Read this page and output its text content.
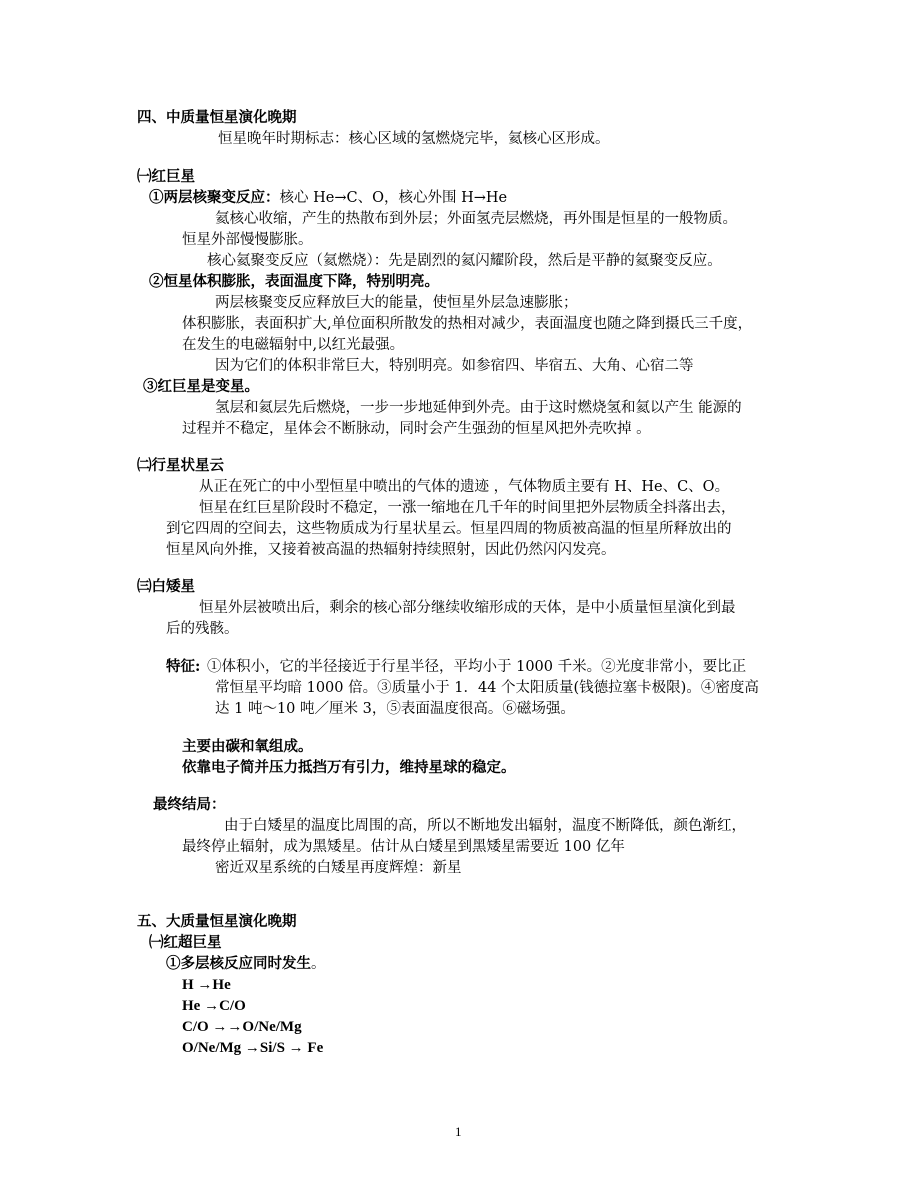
四、中质量恒星演化晚期
恒星晚年时期标志：核心区域的氢燃烧完毕，氦核心区形成。
㈠红巨星
①两层核聚变反应：核心 He→C、O，核心外围 H→He
氦核心收缩，产生的热散布到外层；外面氢壳层燃烧，再外围是恒星的一般物质。
恒星外部慢慢膨胀。
核心氦聚变反应（氦燃烧）：先是剧烈的氦闪耀阶段，然后是平静的氦聚变反应。
②恒星体积膨胀，表面温度下降，特别明亮。
两层核聚变反应释放巨大的能量，使恒星外层急速膨胀；
体积膨胀，表面积扩大,单位面积所散发的热相对减少，表面温度也随之降到摄氏三千度，
在发生的电磁辐射中,以红光最强。
因为它们的体积非常巨大，特别明亮。如参宿四、毕宿五、大角、心宿二等
③红巨星是变星。
氢层和氦层先后燃烧，一步一步地延伸到外壳。由于这时燃烧氢和氦以产生 能源的
过程并不稳定，星体会不断脉动，同时会产生强劲的恒星风把外壳吹掉 。
㈡行星状星云
从正在死亡的中小型恒星中喷出的气体的遗迹 ，气体物质主要有 H、He、C、O。
恒星在红巨星阶段时不稳定，一涨一缩地在几千年的时间里把外层物质全抖落出去，
到它四周的空间去，这些物质成为行星状星云。恒星四周的物质被高温的恒星所释放出的
恒星风向外推，又接着被高温的热辐射持续照射，因此仍然闪闪发亮。
㈢白矮星
恒星外层被喷出后，剩余的核心部分继续收缩形成的天体，是中小质量恒星演化到最
后的残骸。
特征: ①体积小，它的半径接近于行星半径，平均小于 1000 千米。②光度非常小，要比正
常恒星平均暗 1000 倍。③质量小于 1．44 个太阳质量(钱德拉塞卡极限)。④密度高
达 1 吨～10 吨／厘米 3，⑤表面温度很高。⑥磁场强。
主要由碳和氧组成。
依靠电子简并压力抵挡万有引力，维持星球的稳定。
最终结局：
由于白矮星的温度比周围的高，所以不断地发出辐射，温度不断降低，颜色渐红，
最终停止辐射，成为黑矮星。估计从白矮星到黑矮星需要近 100 亿年
密近双星系统的白矮星再度辉煌：新星
五、大质量恒星演化晚期
㈠红超巨星
①多层核反应同时发生。
H →He
He →C/O
C/O →→O/Ne/Mg
O/Ne/Mg →Si/S → Fe
1
